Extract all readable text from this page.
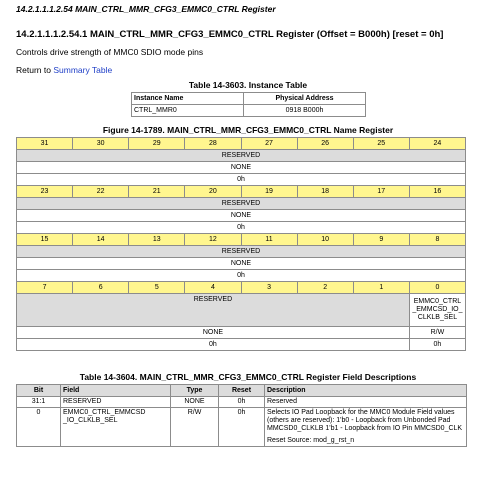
14.2.1.1.1.2.54 MAIN_CTRL_MMR_CFG3_EMMC0_CTRL Register
14.2.1.1.1.2.54.1 MAIN_CTRL_MMR_CFG3_EMMC0_CTRL Register (Offset = B000h) [reset = 0h]
Controls drive strength of MMC0 SDIO mode pins
Return to Summary Table
Table 14-3603. Instance Table
Instance Name	Physical Address
CTRL_MMR0	0918 B000h
Figure 14-1789. MAIN_CTRL_MMR_CFG3_EMMC0_CTRL Name Register
31	30	29	28	27	26	25	24
RESERVED							
NONE							
0h							
23	22	21	20	19	18	17	16
RESERVED							
NONE							
0h							
15	14	13	12	11	10	9	8
RESERVED							
NONE							
0h							
7	6	5	4	3	2	1	0
RESERVED							EMMC0_CTRL _EMMCSD_IO_ CLKLB_SEL
NONE							R/W
0h							0h
Table 14-3604. MAIN_CTRL_MMR_CFG3_EMMC0_CTRL Register Field Descriptions
Bit	Field	Type	Reset	Description
31:1	RESERVED	NONE	0h	Reserved
0	EMMC0_CTRL_EMMCSD _IO_CLKLB_SEL	R/W	0h	Selects IO Pad Loopback for the MMC0 Module Field values (others are reserved): 1'b0 - Loopback from Unbonded Pad MMCSD0_CLKLB 1'b1 - Loopback from IO Pin MMCSD0_CLK
Reset Source: mod_g_rst_n
